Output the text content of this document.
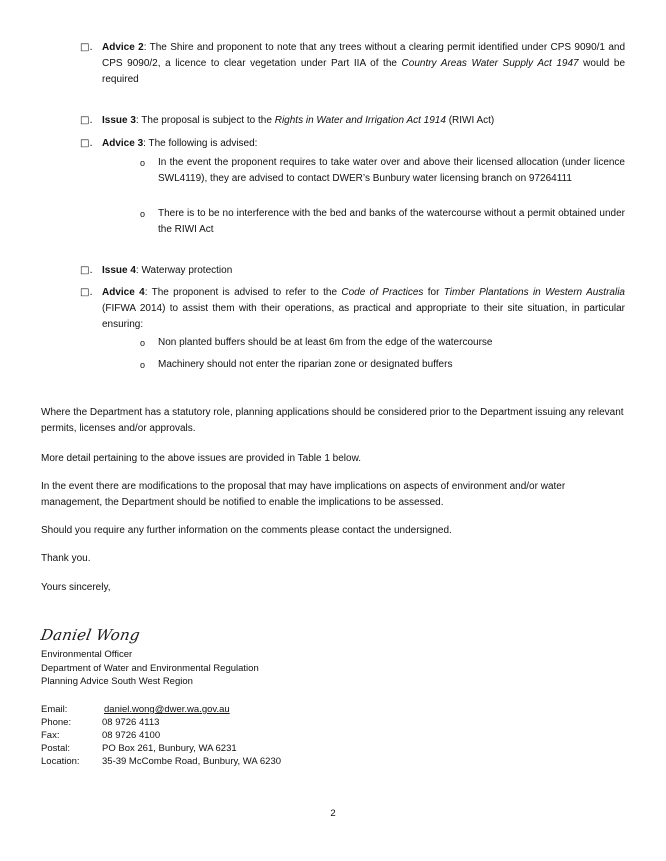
□. Advice 2: The Shire and proponent to note that any trees without a clearing permit identified under CPS 9090/1 and CPS 9090/2, a licence to clear vegetation under Part IIA of the Country Areas Water Supply Act 1947 would be required
□. Issue 3: The proposal is subject to the Rights in Water and Irrigation Act 1914 (RIWI Act)
□. Advice 3: The following is advised:
o In the event the proponent requires to take water over and above their licensed allocation (under licence SWL4119), they are advised to contact DWER’s Bunbury water licensing branch on 97264111
o There is to be no interference with the bed and banks of the watercourse without a permit obtained under the RIWI Act
□. Issue 4: Waterway protection
□. Advice 4: The proponent is advised to refer to the Code of Practices for Timber Plantations in Western Australia (FIFWA 2014) to assist them with their operations, as practical and appropriate to their site situation, in particular ensuring:
o Non planted buffers should be at least 6m from the edge of the watercourse
o Machinery should not enter the riparian zone or designated buffers
Where the Department has a statutory role, planning applications should be considered prior to the Department issuing any relevant permits, licenses and/or approvals.
More detail pertaining to the above issues are provided in Table 1 below.
In the event there are modifications to the proposal that may have implications on aspects of environment and/or water management, the Department should be notified to enable the implications to be assessed.
Should you require any further information on the comments please contact the undersigned.
Thank you.
Yours sincerely,
Daniel Wong
Environmental Officer
Department of Water and Environmental Regulation
Planning Advice South West Region
Email:	daniel.wong@dwer.wa.gov.au
Phone:	08 9726 4113
Fax:	08 9726 4100
Postal:	PO Box 261, Bunbury, WA 6231
Location: 35-39 McCombe Road, Bunbury, WA 6230
2
